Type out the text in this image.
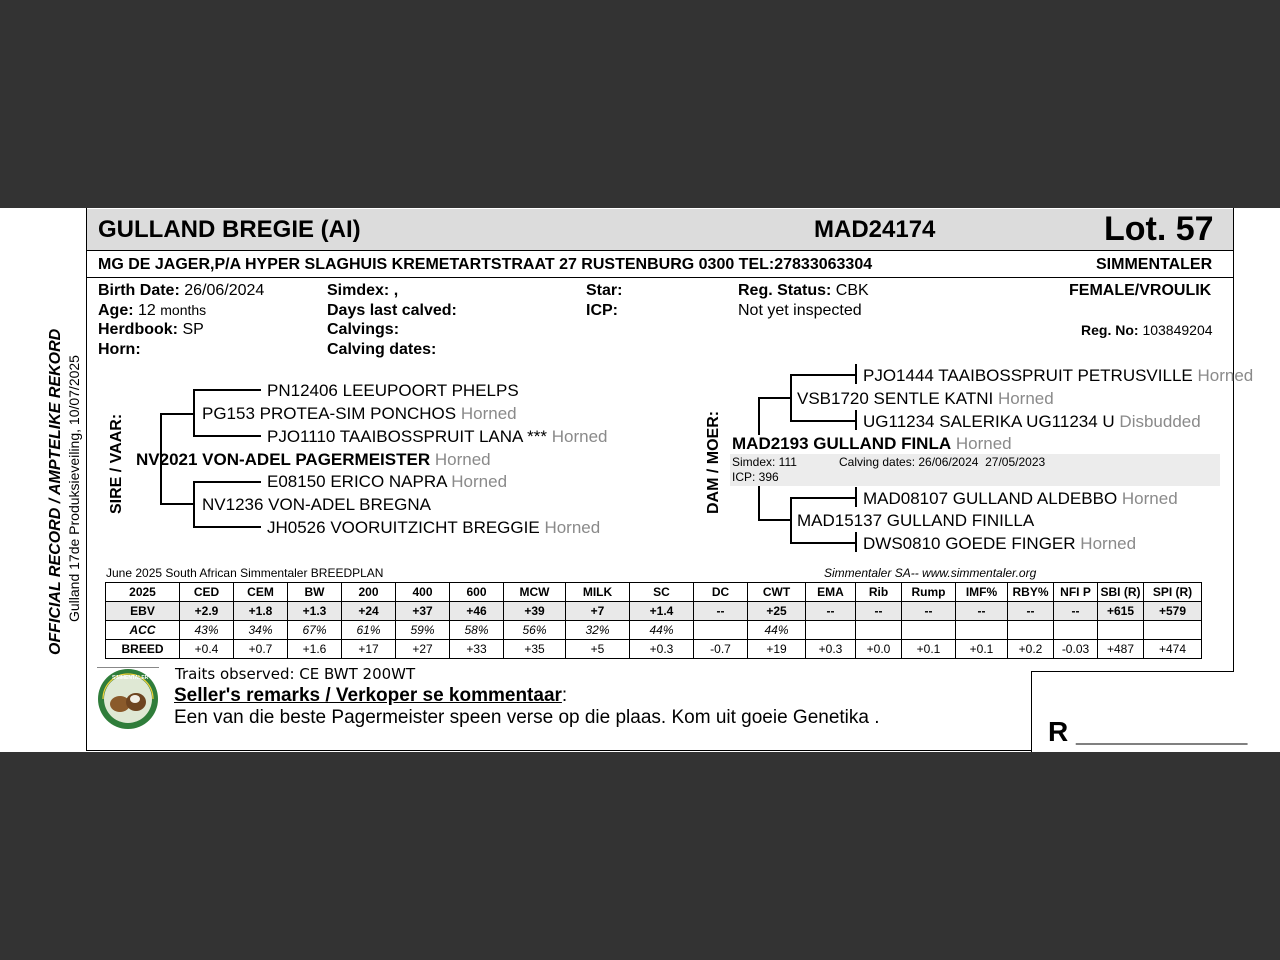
GULLAND BREGIE (AI)	MAD24174	Lot. 57
MG DE JAGER,P/A HYPER SLAGHUIS KREMETARTSTRAAT 27 RUSTENBURG 0300 TEL:27833063304	SIMMENTALER
Birth Date: 26/06/2024
Age: 12 months
Herdbook: SP
Horn:
Simdex: ,
Days last calved:
Calvings:
Calving dates:
Star:
ICP:
Reg. Status: CBK
Not yet inspected
FEMALE/VROULIK
Reg. No: 103849204
OFFICIAL RECORD / AMPTELIKE REKORD Gulland 17de Produksieveiling, 10/07/2025 SIRE / VAAR:
PN12406 LEEUPOORT PHELPS
PG153 PROTEA-SIM PONCHOS Horned
PJO1110 TAAIBOSSPRUIT LANA *** Horned
NV2021 VON-ADEL PAGERMEISTER Horned
E08150 ERICO NAPRA Horned
NV1236 VON-ADEL BREGNA
JH0526 VOORUITZICHT BREGGIE Horned
DAM / MOER:
PJO1444 TAAIBOSSPRUIT PETRUSVILLE Horned
VSB1720 SENTLE KATNI Horned
UG11234 SALERIKA UG11234 U Disbudded
MAD2193 GULLAND FINLA Horned
Simdex: 111	Calving dates: 26/06/2024  27/05/2023
ICP: 396
MAD08107 GULLAND ALDEBBO Horned
MAD15137 GULLAND FINILLA
DWS0810 GOEDE FINGER Horned
June 2025 South African Simmentaler BREEDPLAN	Simmentaler SA-- www.simmentaler.org
2025	CED	CEM	BW	200	400	600	MCW	MILK	SC	DC	CWT	EMA	Rib	Rump	IMF%	RBY%	NFI P	SBI (R)	SPI (R)
EBV	+2.9	+1.8	+1.3	+24	+37	+46	+39	+7	+1.4	--	+25	--	--	--	--	--	--	+615	+579
ACC	43%	34%	67%	61%	59%	58%	56%	32%	44%		44%								
BREED	+0.4	+0.7	+1.6	+17	+27	+33	+35	+5	+0.3	-0.7	+19	+0.3	+0.0	+0.1	+0.1	+0.2	-0.03	+487	+474
SIMMENTALER Traits observed: CE BWT 200WT
Seller's remarks / Verkoper se kommentaar:
Een van die beste Pagermeister speen verse op die plaas. Kom uit goeie Genetika .	R ___________
